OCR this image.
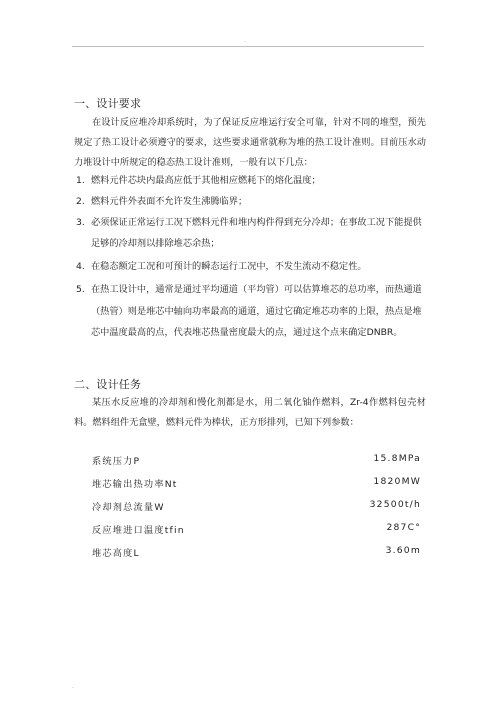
.
一、设计要求
在设计反应堆冷却系统时，为了保证反应堆运行安全可靠，针对不同的堆型，预先规定了热工设计必须遵守的要求，这些要求通常就称为堆的热工设计准则。目前压水动力堆设计中所规定的稳态热工设计准则，一般有以下几点：
1. 燃料元件芯块内最高应低于其他相应燃耗下的熔化温度；
2. 燃料元件外表面不允许发生沸腾临界；
3. 必须保证正常运行工况下燃料元件和堆内构件得到充分冷却；在事故工况下能提供足够的冷却剂以排除堆芯余热；
4. 在稳态额定工况和可预计的瞬态运行工况中，不发生流动不稳定性。
5. 在热工设计中，通常是通过平均通道（平均管）可以估算堆芯的总功率，而热通道（热管）则是堆芯中轴向功率最高的通道，通过它确定堆芯功率的上限，热点是堆芯中温度最高的点，代表堆芯热量密度最大的点，通过这个点来确定DNBR。
二、设计任务
某压水反应堆的冷却剂和慢化剂都是水，用二氧化铀作燃料，Zr-4作燃料包壳材料。燃料组件无盒壁，燃料元件为棒状，正方形排列，已知下列参数：
系统压力P	15.8MPa
堆芯输出热功率Nt	1820MW
冷却剂总流量W	32500t/h
反应堆进口温度tfin	287C°
堆芯高度L	3.60m
.
